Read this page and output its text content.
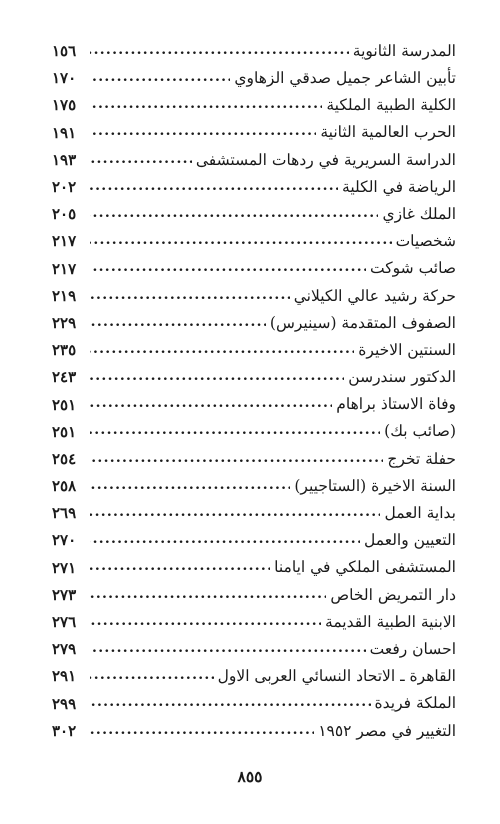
المدرسة الثانوية
. . .
١٥٦
تأبين الشاعر جميل صدقي الزهاوي
. . .
١٧٠
الكلية الطبية الملكية
. . .
١٧٥
الحرب العالمية الثانية
. . .
١٩١
الدراسة السريرية في ردهات المستشفى
. . .
١٩٣
الرياضة في الكلية
. . .
٢٠٢
الملك غازي
. . .
٢٠٥
شخصيات
. . .
٢١٧
صائب شوكت
. . .
٢١٧
حركة رشيد عالي الكيلاني
. . .
٢١٩
الصفوف المتقدمة (سينيرس)
. . .
٢٢٩
السنتين الاخيرة
. . .
٢٣٥
الدكتور سندرسن
. . .
٢٤٣
وفاة الاستاذ براهام
. . .
٢٥١
(صائب بك)
. . .
٢٥١
حفلة تخرج
. . .
٢٥٤
السنة الاخيرة (الستاجيير)
. . .
٢٥٨
بداية العمل
. . .
٢٦٩
التعيين والعمل
. . .
٢٧٠
المستشفى الملكي في ايامنا
. . .
٢٧١
دار التمريض الخاص
. . .
٢٧٣
الابنية الطبية القديمة
. . .
٢٧٦
احسان رفعت
. . .
٢٧٩
القاهرة ـ الاتحاد النسائي العربى الاول
. . .
٢٩١
الملكة فريدة
. . .
٢٩٩
التغيير في مصر ١٩٥٢
. . .
٣٠٢
٨٥٥
